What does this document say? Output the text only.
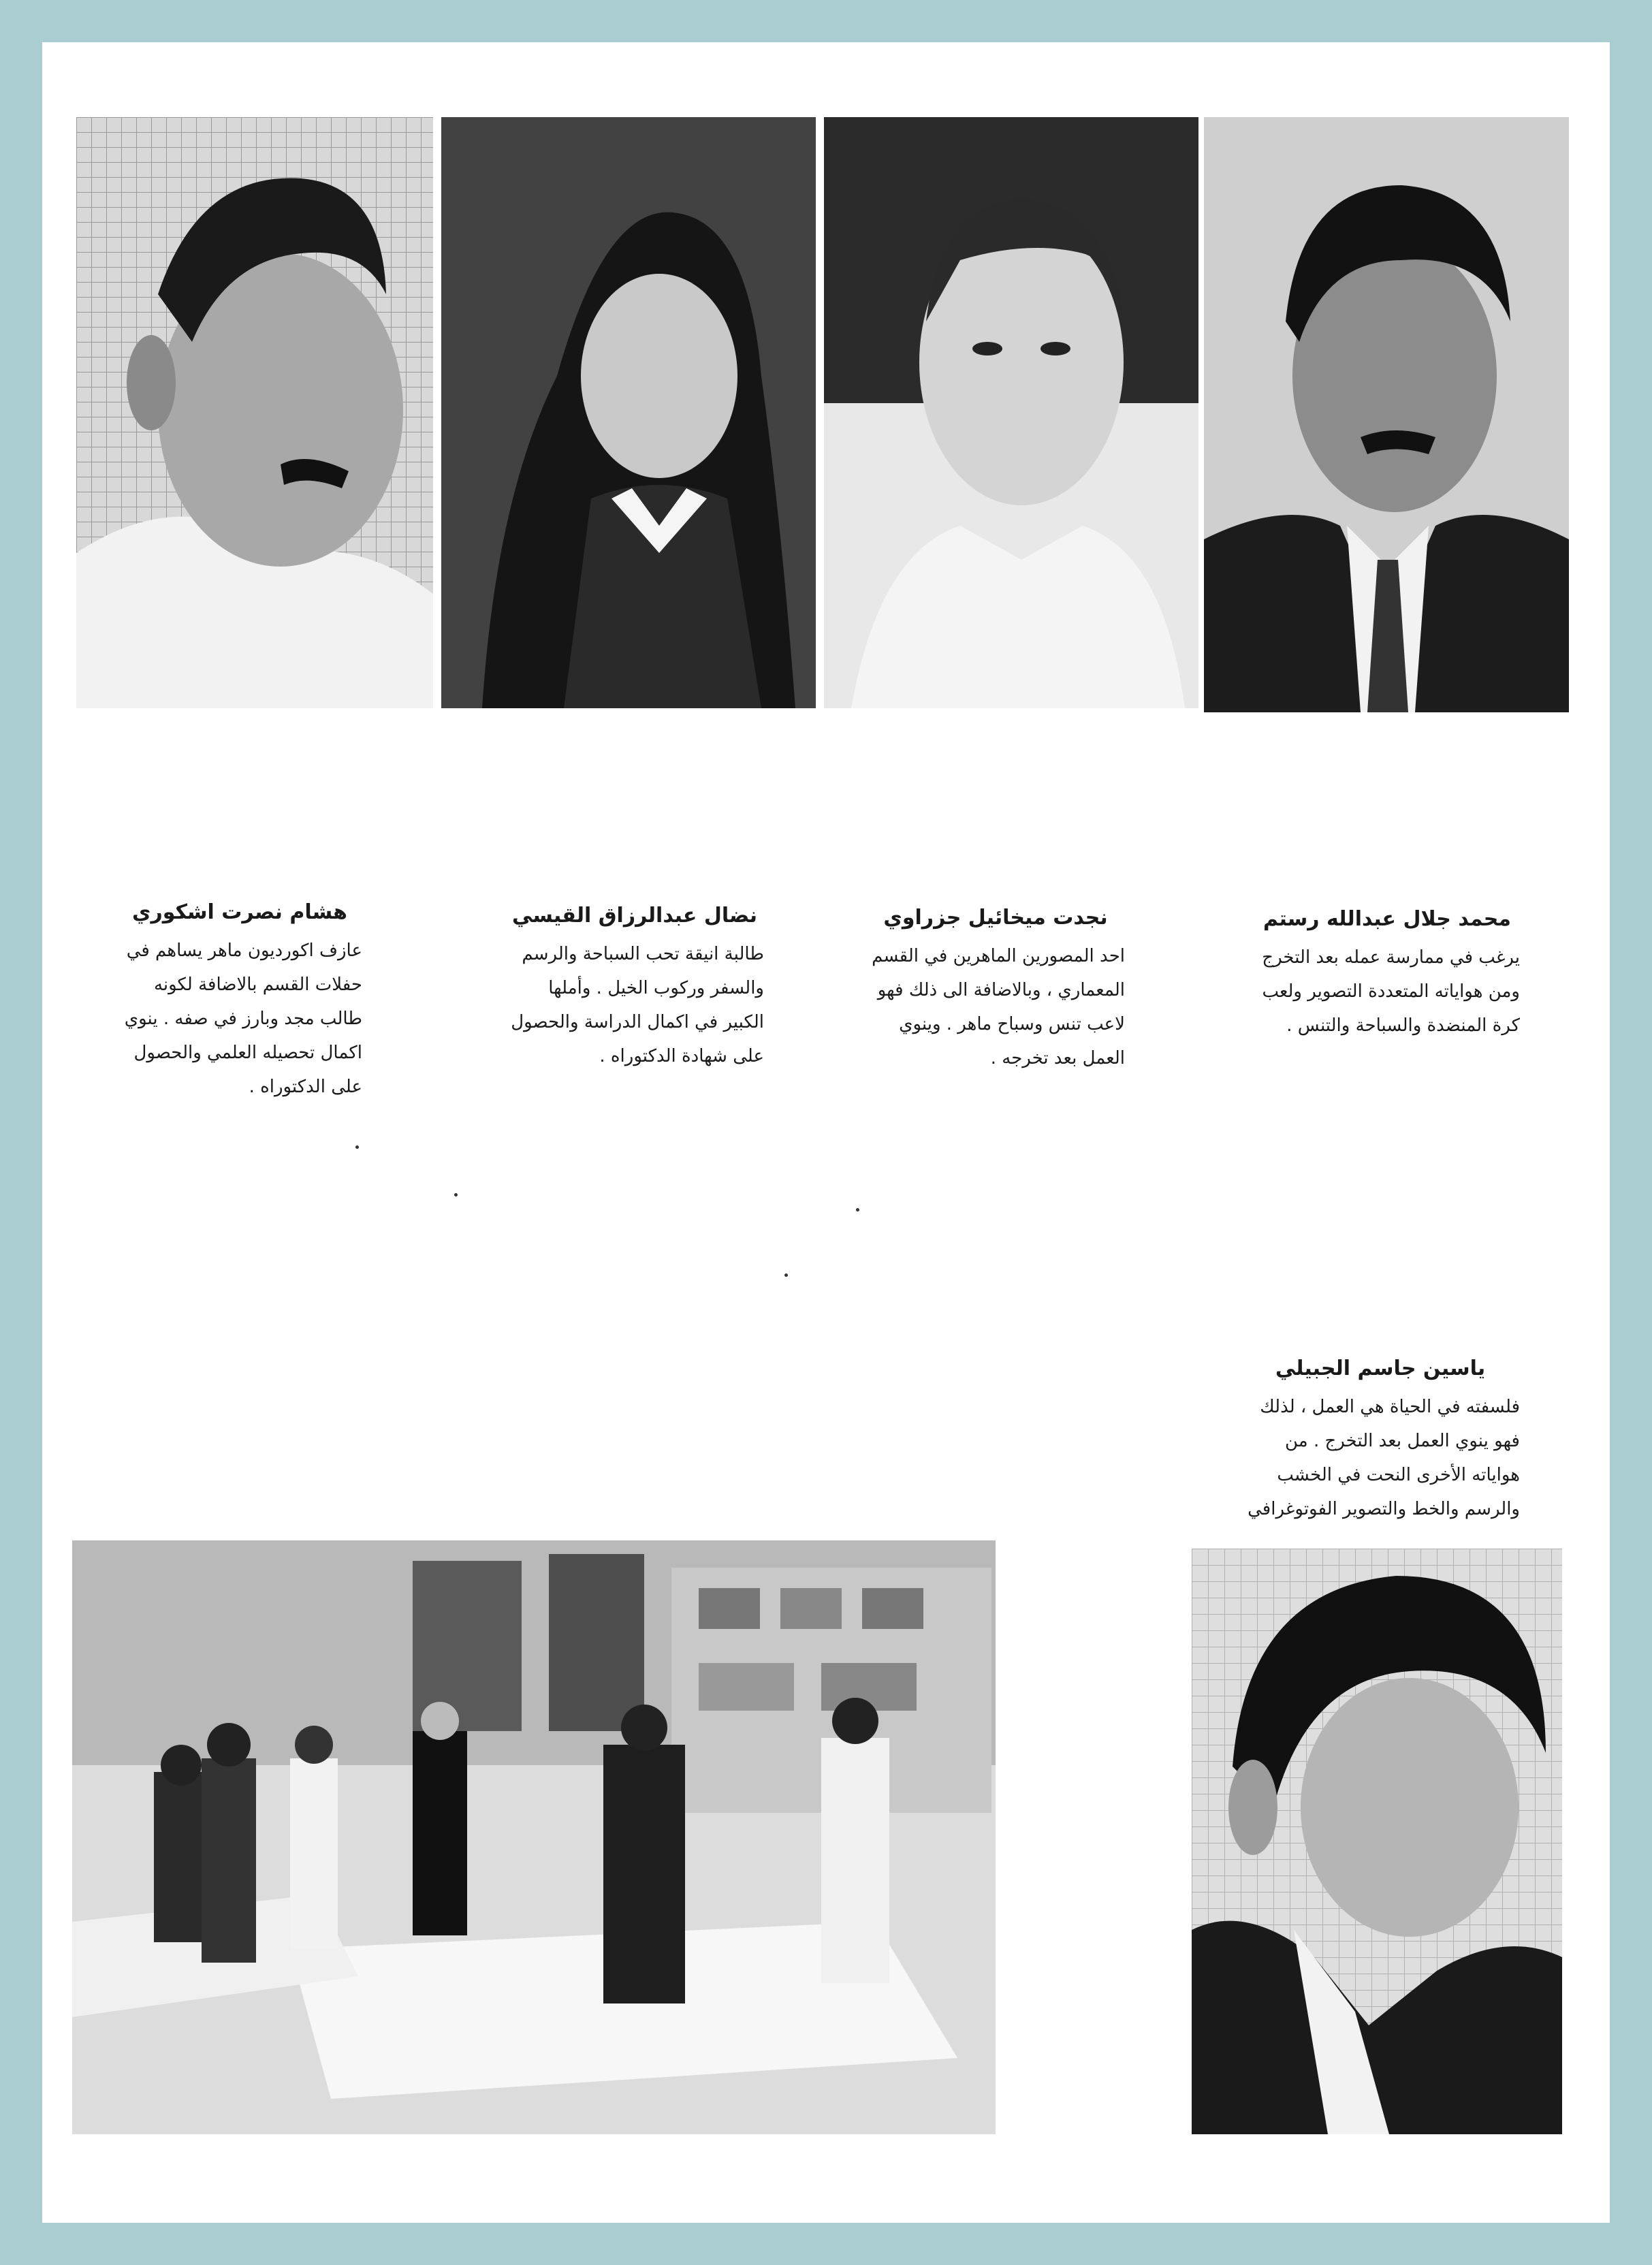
هشام نصرت اشكوري
عازف اكورديون ماهر يساهم في حفلات القسم بالاضافة لكونه طالب مجد وبارز في صفه . ينوي اكمال تحصيله العلمي والحصول على الدكتوراه .
نضال عبدالرزاق القيسي
طالبة انيقة تحب السباحة والرسم والسفر وركوب الخيل . وأملها الكبير في اكمال الدراسة والحصول على شهادة الدكتوراه .
نجدت ميخائيل جزراوي
احد المصورين الماهرين في القسم المعماري ، وبالاضافة الى ذلك فهو لاعب تنس وسباح ماهر . وينوي العمل بعد تخرجه .
محمد جلال عبدالله رستم
يرغب في ممارسة عمله بعد التخرج ومن هواياته المتعددة التصوير ولعب كرة المنضدة والسباحة والتنس .
ياسين جاسم الجبيلي
فلسفته في الحياة هي العمل ، لذلك فهو ينوي العمل بعد التخرج . من هواياته الأخرى النحت في الخشب والرسم والخط والتصوير الفوتوغرافي
